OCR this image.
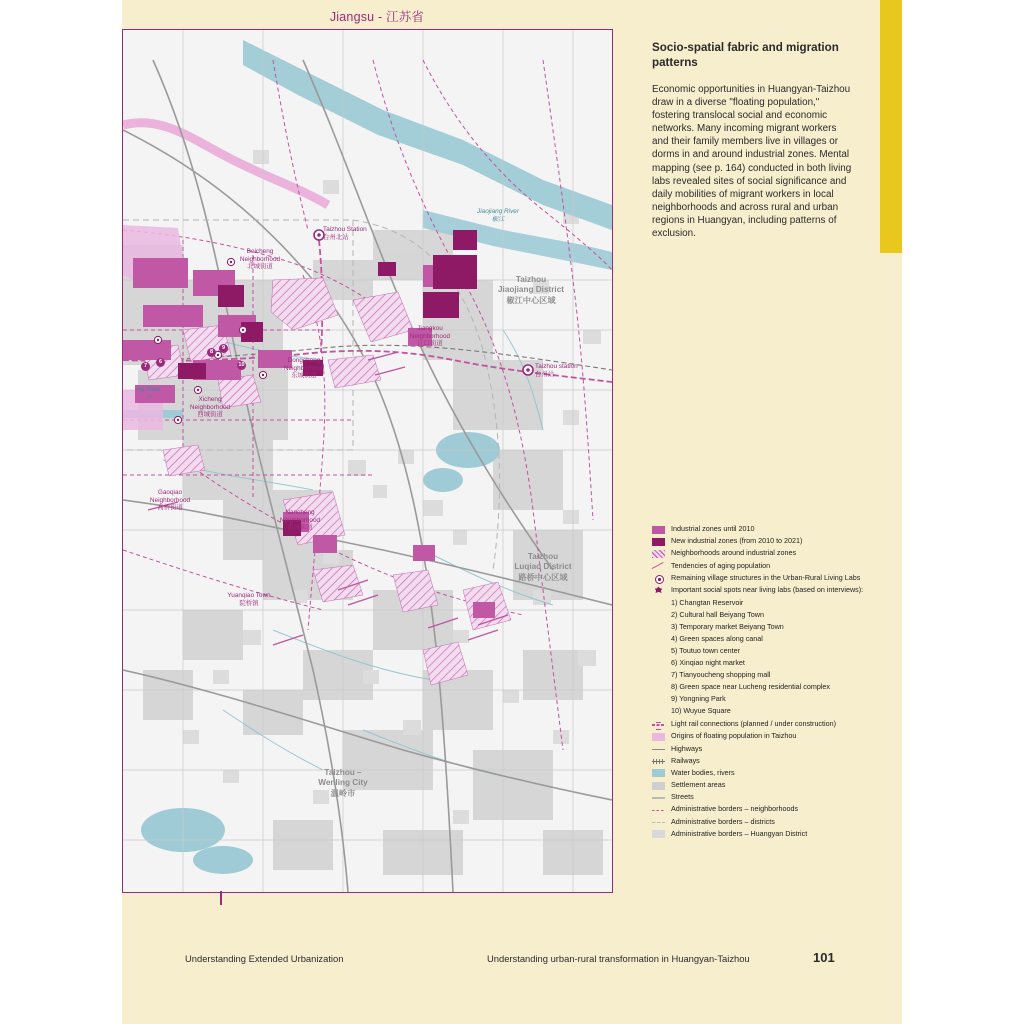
Jiangsu - 江苏省
Jiaojiang River
椒江
ng River
江
Taizhou Station
台州北站
Taizhou station
台州站
Beicheng
Neighborhood
北城街道
Jiangkou
Neighborhood
江口街道
Dongcheng
Neighborhood
东城街道
Xicheng
Neighborhood
西城街道
Gaoqiao
Neighborhood
高桥街道
Nancheng
Neighborhood
南城街道
Yuanqiao Town
院桥镇
Taizhou
Jiaojiang District
椒江中心区域
Taizhou
Luqiao District
路桥中心区域
Taizhou –
Wenling City
温岭市
7
6
8
9
10
Socio-spatial fabric and migration patterns
Economic opportunities in Huangyan-Taizhou draw in a diverse "floating population," fostering translocal social and economic networks. Many incoming migrant workers and their family members live in villages or dorms in and around industrial zones. Mental mapping (see p. 164) conducted in both living labs revealed sites of social significance and daily mobilities of migrant workers in local neighborhoods and across rural and urban regions in Huangyan, including patterns of exclusion.
Industrial zones until 2010
New industrial zones (from 2010 to 2021)
Neighborhoods around industrial zones
Tendencies of aging population
Remaining village structures in the Urban-Rural Living Labs
Important social spots near living labs (based on interviews):
1) Changtan Reservoir
2) Cultural hall Beiyang Town
3) Temporary market Beiyang Town
4) Green spaces along canal
5) Toutuo town center
6) Xinqiao night market
7) Tianyoucheng shopping mall
8) Green space near Lucheng residential complex
9) Yongning Park
10) Wuyue Square
Light rail connections (planned / under construction)
Origins of floating population in Taizhou
Highways
Railways
Water bodies, rivers
Settlement areas
Streets
Administrative borders – neighborhoods
Administrative borders – districts
Administrative borders – Huangyan District
Understanding Extended Urbanization	Understanding urban-rural transformation in Huangyan-Taizhou	101
